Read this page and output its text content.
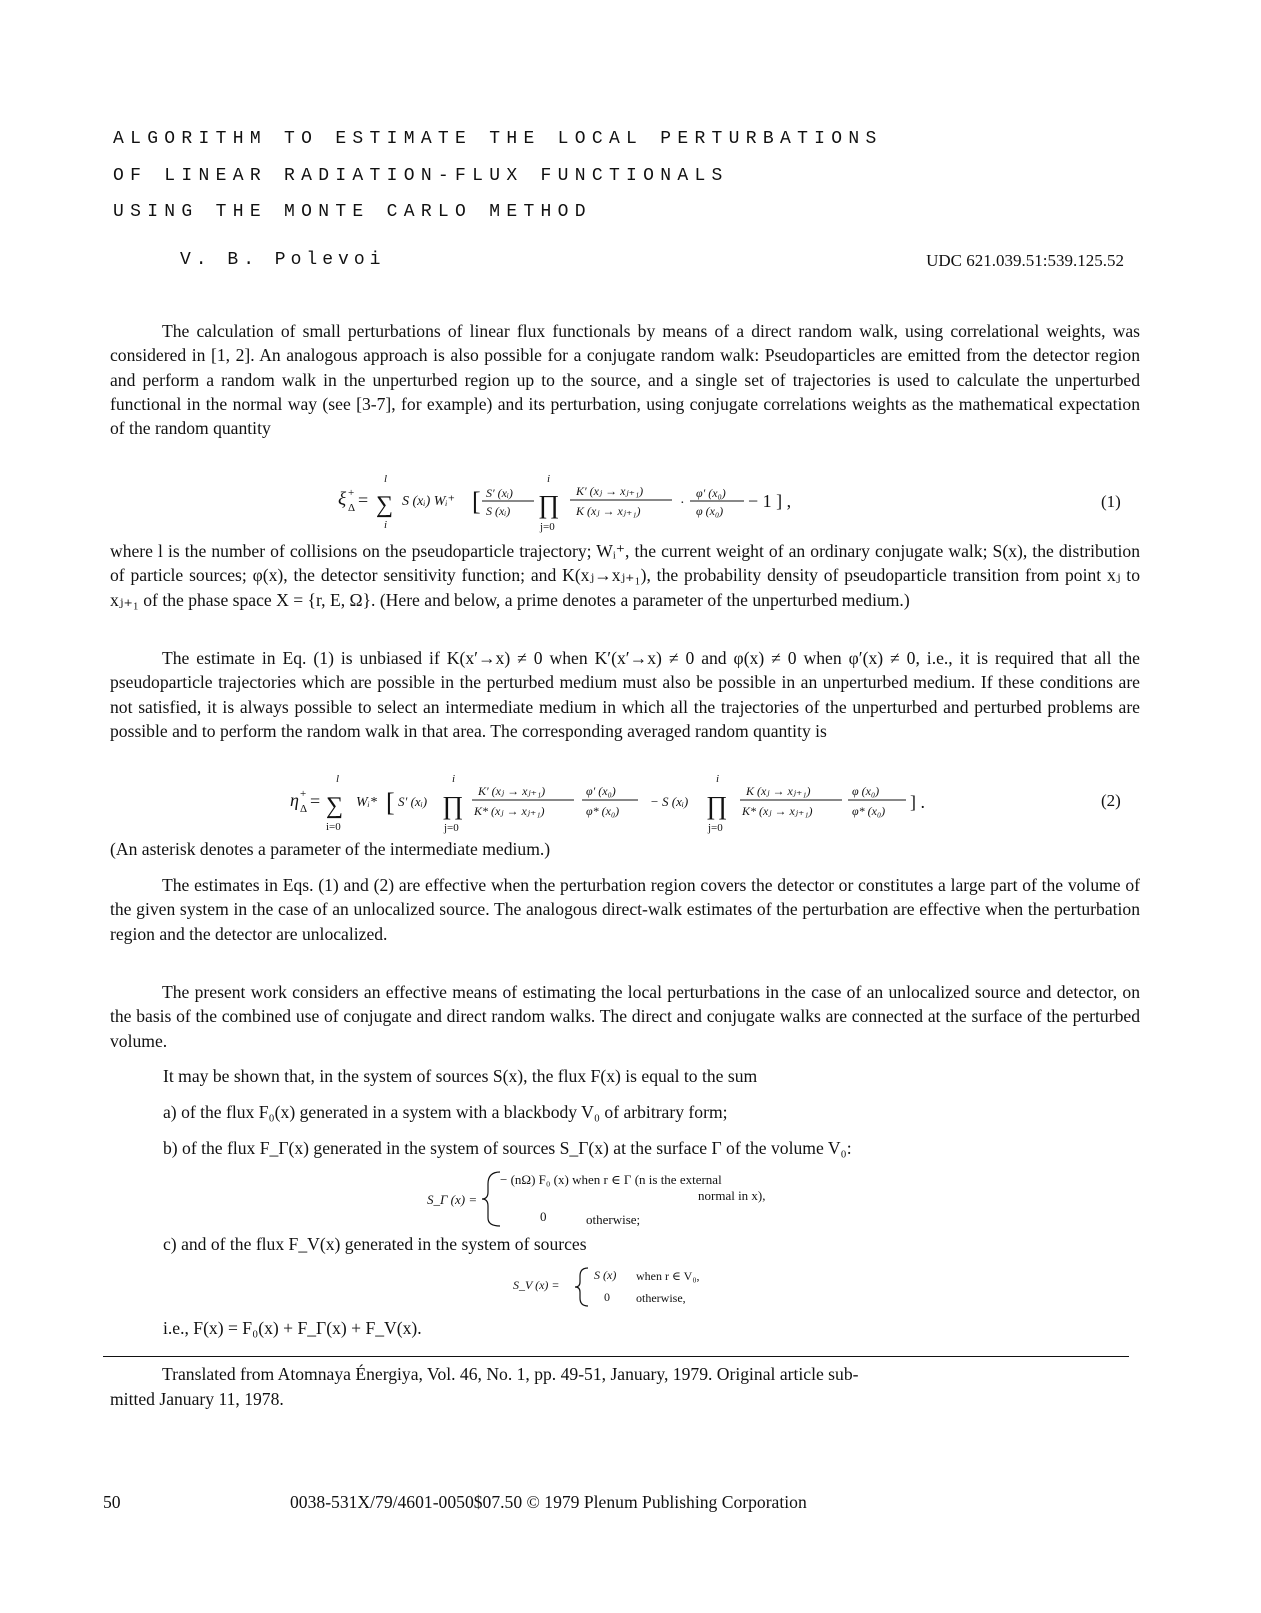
ALGORITHM TO ESTIMATE THE LOCAL PERTURBATIONS
OF LINEAR RADIATION-FLUX FUNCTIONALS
USING THE MONTE CARLO METHOD
V. B. Polevoi	UDC 621.039.51:539.125.52

The calculation of small perturbations of linear flux functionals by means of a direct random walk, using correlational weights, was considered in [1, 2]. An analogous approach is also possible for a conjugate random walk: Pseudoparticles are emitted from the detector region and perform a random walk in the unperturbed region up to the source, and a single set of trajectories is used to calculate the unperturbed functional in the normal way (see [3-7], for example) and its perturbation, using conjugate correlations weights as the mathematical expectation of the random quantity

ξ Δ
+ = ∑
l
i
S (xᵢ) Wᵢ⁺ [ S′ (xᵢ)
S (xᵢ) ∏
i
j=0
K′ (xⱼ → xⱼ₊₁)
K (xⱼ → xⱼ₊₁)	·
φ′ (x₀)
φ (x₀) − 1 ] ,	(1)

where l is the number of collisions on the pseudoparticle trajectory; Wᵢ⁺, the current weight of an ordinary conjugate walk; S(x), the distribution of particle sources; φ(x), the detector sensitivity function; and K(xⱼ→xⱼ₊₁), the probability density of pseudoparticle transition from point xⱼ to xⱼ₊₁ of the phase space X = {r, E, Ω}. (Here and below, a prime denotes a parameter of the unperturbed medium.)

The estimate in Eq. (1) is unbiased if K(x′→x) ≠ 0 when K′(x′→x) ≠ 0 and φ(x) ≠ 0 when φ′(x) ≠ 0, i.e., it is required that all the pseudoparticle trajectories which are possible in the perturbed medium must also be possible in an unperturbed medium. If these conditions are not satisfied, it is always possible to select an intermediate medium in which all the trajectories of the unperturbed and perturbed problems are possible and to perform the random walk in that area. The corresponding averaged random quantity is

η Δ
+ = ∑
l
i=0
Wᵢ* [ S′ (xᵢ) ∏
i
j=0
K′ (xⱼ → xⱼ₊₁)
K* (xⱼ → xⱼ₊₁)
φ′ (x₀)
φ* (x₀)
− S (xᵢ) ∏
i
j=0
K (xⱼ → xⱼ₊₁)
K* (xⱼ → xⱼ₊₁)
φ (x₀)
φ* (x₀) ] .	(2)

(An asterisk denotes a parameter of the intermediate medium.)

The estimates in Eqs. (1) and (2) are effective when the perturbation region covers the detector or constitutes a large part of the volume of the given system in the case of an unlocalized source. The analogous direct-walk estimates of the perturbation are effective when the perturbation region and the detector are unlocalized.

The present work considers an effective means of estimating the local perturbations in the case of an unlocalized source and detector, on the basis of the combined use of conjugate and direct random walks. The direct and conjugate walks are connected at the surface of the perturbed volume.

It may be shown that, in the system of sources S(x), the flux F(x) is equal to the sum
a) of the flux F₀(x) generated in a system with a blackbody V₀ of arbitrary form;
b) of the flux F_Γ(x) generated in the system of sources S_Γ(x) at the surface Γ of the volume V₀:
S_Γ (x) =
− (nΩ) F₀ (x) when r ∈ Γ (n is the external
normal in x),
0	otherwise;
c) and of the flux F_V(x) generated in the system of sources
S_V (x) =
S (x) when r ∈ V₀,
0 otherwise,
i.e., F(x) = F₀(x) + F_Γ(x) + F_V(x).

Translated from Atomnaya Énergiya, Vol. 46, No. 1, pp. 49-51, January, 1979. Original article sub-

mitted January 11, 1978.

50	0038-531X/79/4601-0050$07.50 © 1979 Plenum Publishing Corporation
